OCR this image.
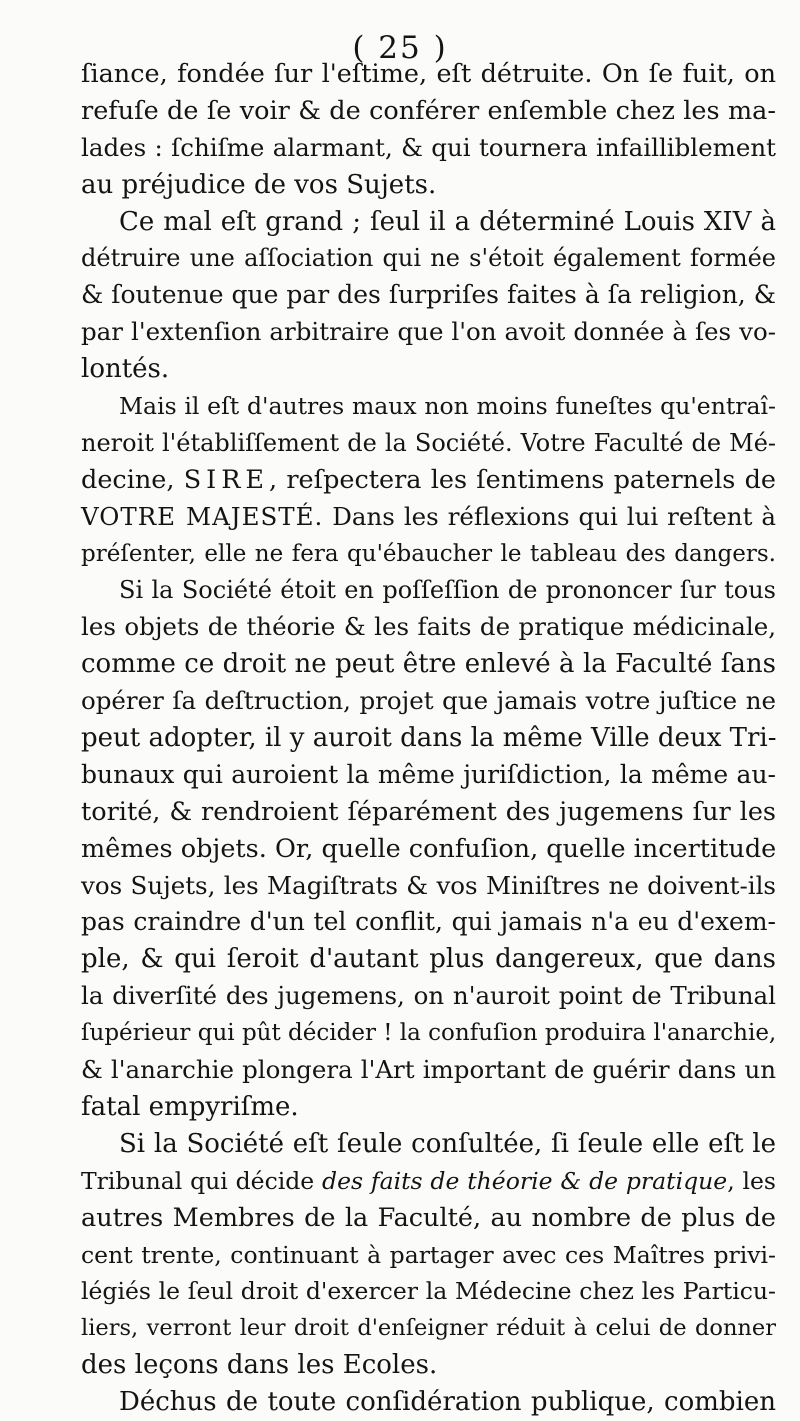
( 25 )
ſiance, fondée ſur l'eſtime, eſt détruite. On ſe fuit, on
refuſe de ſe voir & de conférer enſemble chez les ma-
lades : ſchiſme alarmant, & qui tournera infailliblement
au préjudice de vos Sujets.
Ce mal eſt grand ; ſeul il a déterminé Louis XIV à
détruire une aſſociation qui ne s'étoit également formée
& ſoutenue que par des ſurpriſes faites à ſa religion, &
par l'extenſion arbitraire que l'on avoit donnée à ſes vo-
lontés.
Mais il eſt d'autres maux non moins funeſtes qu'entraî-
neroit l'établiſſement de la Société. Votre Faculté de Mé-
decine, SIRE, reſpectera les ſentimens paternels de
VOTRE MAJESTÉ. Dans les réflexions qui lui reſtent à
préſenter, elle ne fera qu'ébaucher le tableau des dangers.
Si la Société étoit en poſſeſſion de prononcer ſur tous
les objets de théorie & les faits de pratique médicinale,
comme ce droit ne peut être enlevé à la Faculté ſans
opérer ſa deſtruction, projet que jamais votre juſtice ne
peut adopter, il y auroit dans la même Ville deux Tri-
bunaux qui auroient la même juriſdiction, la même au-
torité, & rendroient ſéparément des jugemens ſur les
mêmes objets. Or, quelle confuſion, quelle incertitude
vos Sujets, les Magiſtrats & vos Miniſtres ne doivent-ils
pas craindre d'un tel conflit, qui jamais n'a eu d'exem-
ple, & qui ſeroit d'autant plus dangereux, que dans
la diverſité des jugemens, on n'auroit point de Tribunal
ſupérieur qui pût décider ! la confuſion produira l'anarchie,
& l'anarchie plongera l'Art important de guérir dans un
fatal empyriſme.
Si la Société eſt ſeule conſultée, ſi ſeule elle eſt le
Tribunal qui décide des faits de théorie & de pratique, les
autres Membres de la Faculté, au nombre de plus de
cent trente, continuant à partager avec ces Maîtres privi-
légiés le ſeul droit d'exercer la Médecine chez les Particu-
liers, verront leur droit d'enſeigner réduit à celui de donner
des leçons dans les Ecoles.
Déchus de toute conſidération publique, combien
